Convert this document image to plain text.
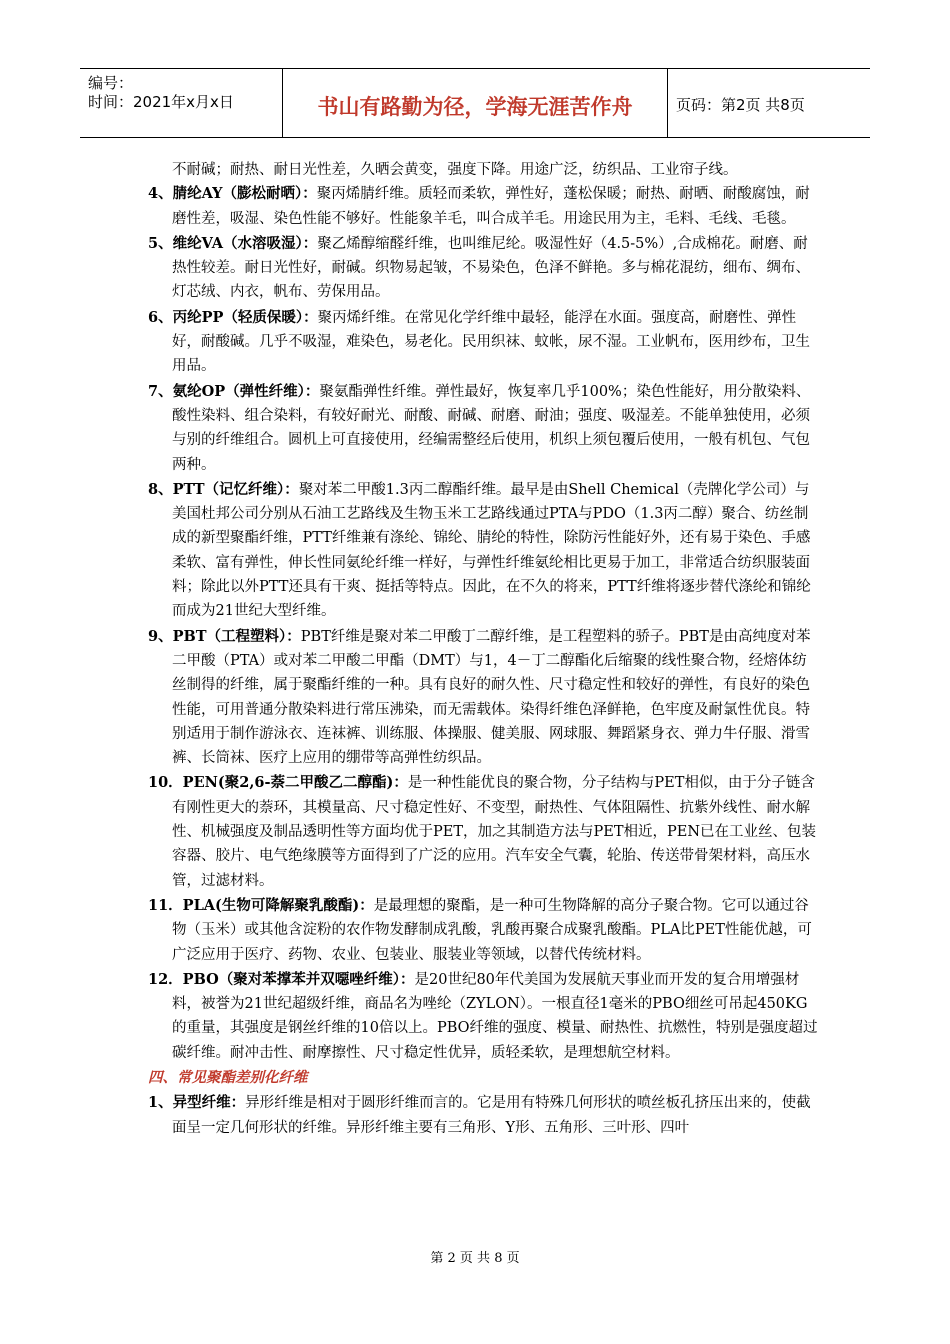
编号：
时间：2021年x月x日	书山有路勤为径，学海无涯苦作舟	页码：第2页 共8页
不耐碱；耐热、耐日光性差，久晒会黄变，强度下降。用途广泛，纺织品、工业帘子线。
4、腈纶AY（膨松耐晒）：聚丙烯腈纤维。质轻而柔软，弹性好，蓬松保暖；耐热、耐晒、耐酸腐蚀，耐磨性差，吸湿、染色性能不够好。性能象羊毛，叫合成羊毛。用途民用为主，毛料、毛线、毛毯。
5、维纶VA（水溶吸湿）：聚乙烯醇缩醛纤维，也叫维尼纶。吸湿性好（4.5-5%）,合成棉花。耐磨、耐热性较差。耐日光性好，耐碱。织物易起皱，不易染色，色泽不鲜艳。多与棉花混纺，细布、绸布、灯芯绒、内衣，帆布、劳保用品。
6、丙纶PP（轻质保暖）：聚丙烯纤维。在常见化学纤维中最轻，能浮在水面。强度高，耐磨性、弹性好，耐酸碱。几乎不吸湿，难染色，易老化。民用织袜、蚊帐，尿不湿。工业帆布，医用纱布，卫生用品。
7、氨纶OP（弹性纤维）：聚氨酯弹性纤维。弹性最好，恢复率几乎100%；染色性能好，用分散染料、酸性染料、组合染料，有较好耐光、耐酸、耐碱、耐磨、耐油；强度、吸湿差。不能单独使用，必须与别的纤维组合。圆机上可直接使用，经编需整经后使用，机织上须包覆后使用，一般有机包、气包两种。
8、PTT（记忆纤维）：聚对苯二甲酸1.3丙二醇酯纤维。最早是由Shell Chemical（壳牌化学公司）与美国杜邦公司分别从石油工艺路线及生物玉米工艺路线通过PTA与PDO（1.3丙二醇）聚合、纺丝制成的新型聚酯纤维，PTT纤维兼有涤纶、锦纶、腈纶的特性，除防污性能好外，还有易于染色、手感柔软、富有弹性，伸长性同氨纶纤维一样好，与弹性纤维氨纶相比更易于加工，非常适合纺织服装面料；除此以外PTT还具有干爽、挺括等特点。因此，在不久的将来，PTT纤维将逐步替代涤纶和锦纶而成为21世纪大型纤维。
9、PBT（工程塑料）：PBT纤维是聚对苯二甲酸丁二醇纤维，是工程塑料的骄子。PBT是由高纯度对苯二甲酸（PTA）或对苯二甲酸二甲酯（DMT）与1，4－丁二醇酯化后缩聚的线性聚合物，经熔体纺丝制得的纤维，属于聚酯纤维的一种。具有良好的耐久性、尺寸稳定性和较好的弹性，有良好的染色性能，可用普通分散染料进行常压沸染，而无需载体。染得纤维色泽鲜艳，色牢度及耐氯性优良。特别适用于制作游泳衣、连袜裤、训练服、体操服、健美服、网球服、舞蹈紧身衣、弹力牛仔服、滑雪裤、长筒袜、医疗上应用的绷带等高弹性纺织品。
10．PEN(聚2,6-萘二甲酸乙二醇酯)：是一种性能优良的聚合物，分子结构与PET相似，由于分子链含有刚性更大的萘环，其模量高、尺寸稳定性好、不变型，耐热性、气体阻隔性、抗紫外线性、耐水解性、机械强度及制品透明性等方面均优于PET，加之其制造方法与PET相近，PEN已在工业丝、包装容器、胶片、电气绝缘膜等方面得到了广泛的应用。汽车安全气囊，轮胎、传送带骨架材料，高压水管，过滤材料。
11．PLA(生物可降解聚乳酸酯)：是最理想的聚酯，是一种可生物降解的高分子聚合物。它可以通过谷物（玉米）或其他含淀粉的农作物发酵制成乳酸，乳酸再聚合成聚乳酸酯。PLA比PET性能优越，可广泛应用于医疗、药物、农业、包装业、服装业等领域，以替代传统材料。
12．PBO（聚对苯撑苯并双噁唑纤维）：是20世纪80年代美国为发展航天事业而开发的复合用增强材料，被誉为21世纪超级纤维，商品名为唑纶（ZYLON）。一根直径1毫米的PBO细丝可吊起450KG的重量，其强度是钢丝纤维的10倍以上。PBO纤维的强度、模量、耐热性、抗燃性，特别是强度超过碳纤维。耐冲击性、耐摩擦性、尺寸稳定性优异，质轻柔软，是理想航空材料。
四、常见聚酯差别化纤维
1、异型纤维：异形纤维是相对于圆形纤维而言的。它是用有特殊几何形状的喷丝板孔挤压出来的，使截面呈一定几何形状的纤维。异形纤维主要有三角形、Y形、五角形、三叶形、四叶
第 2 页 共 8 页
